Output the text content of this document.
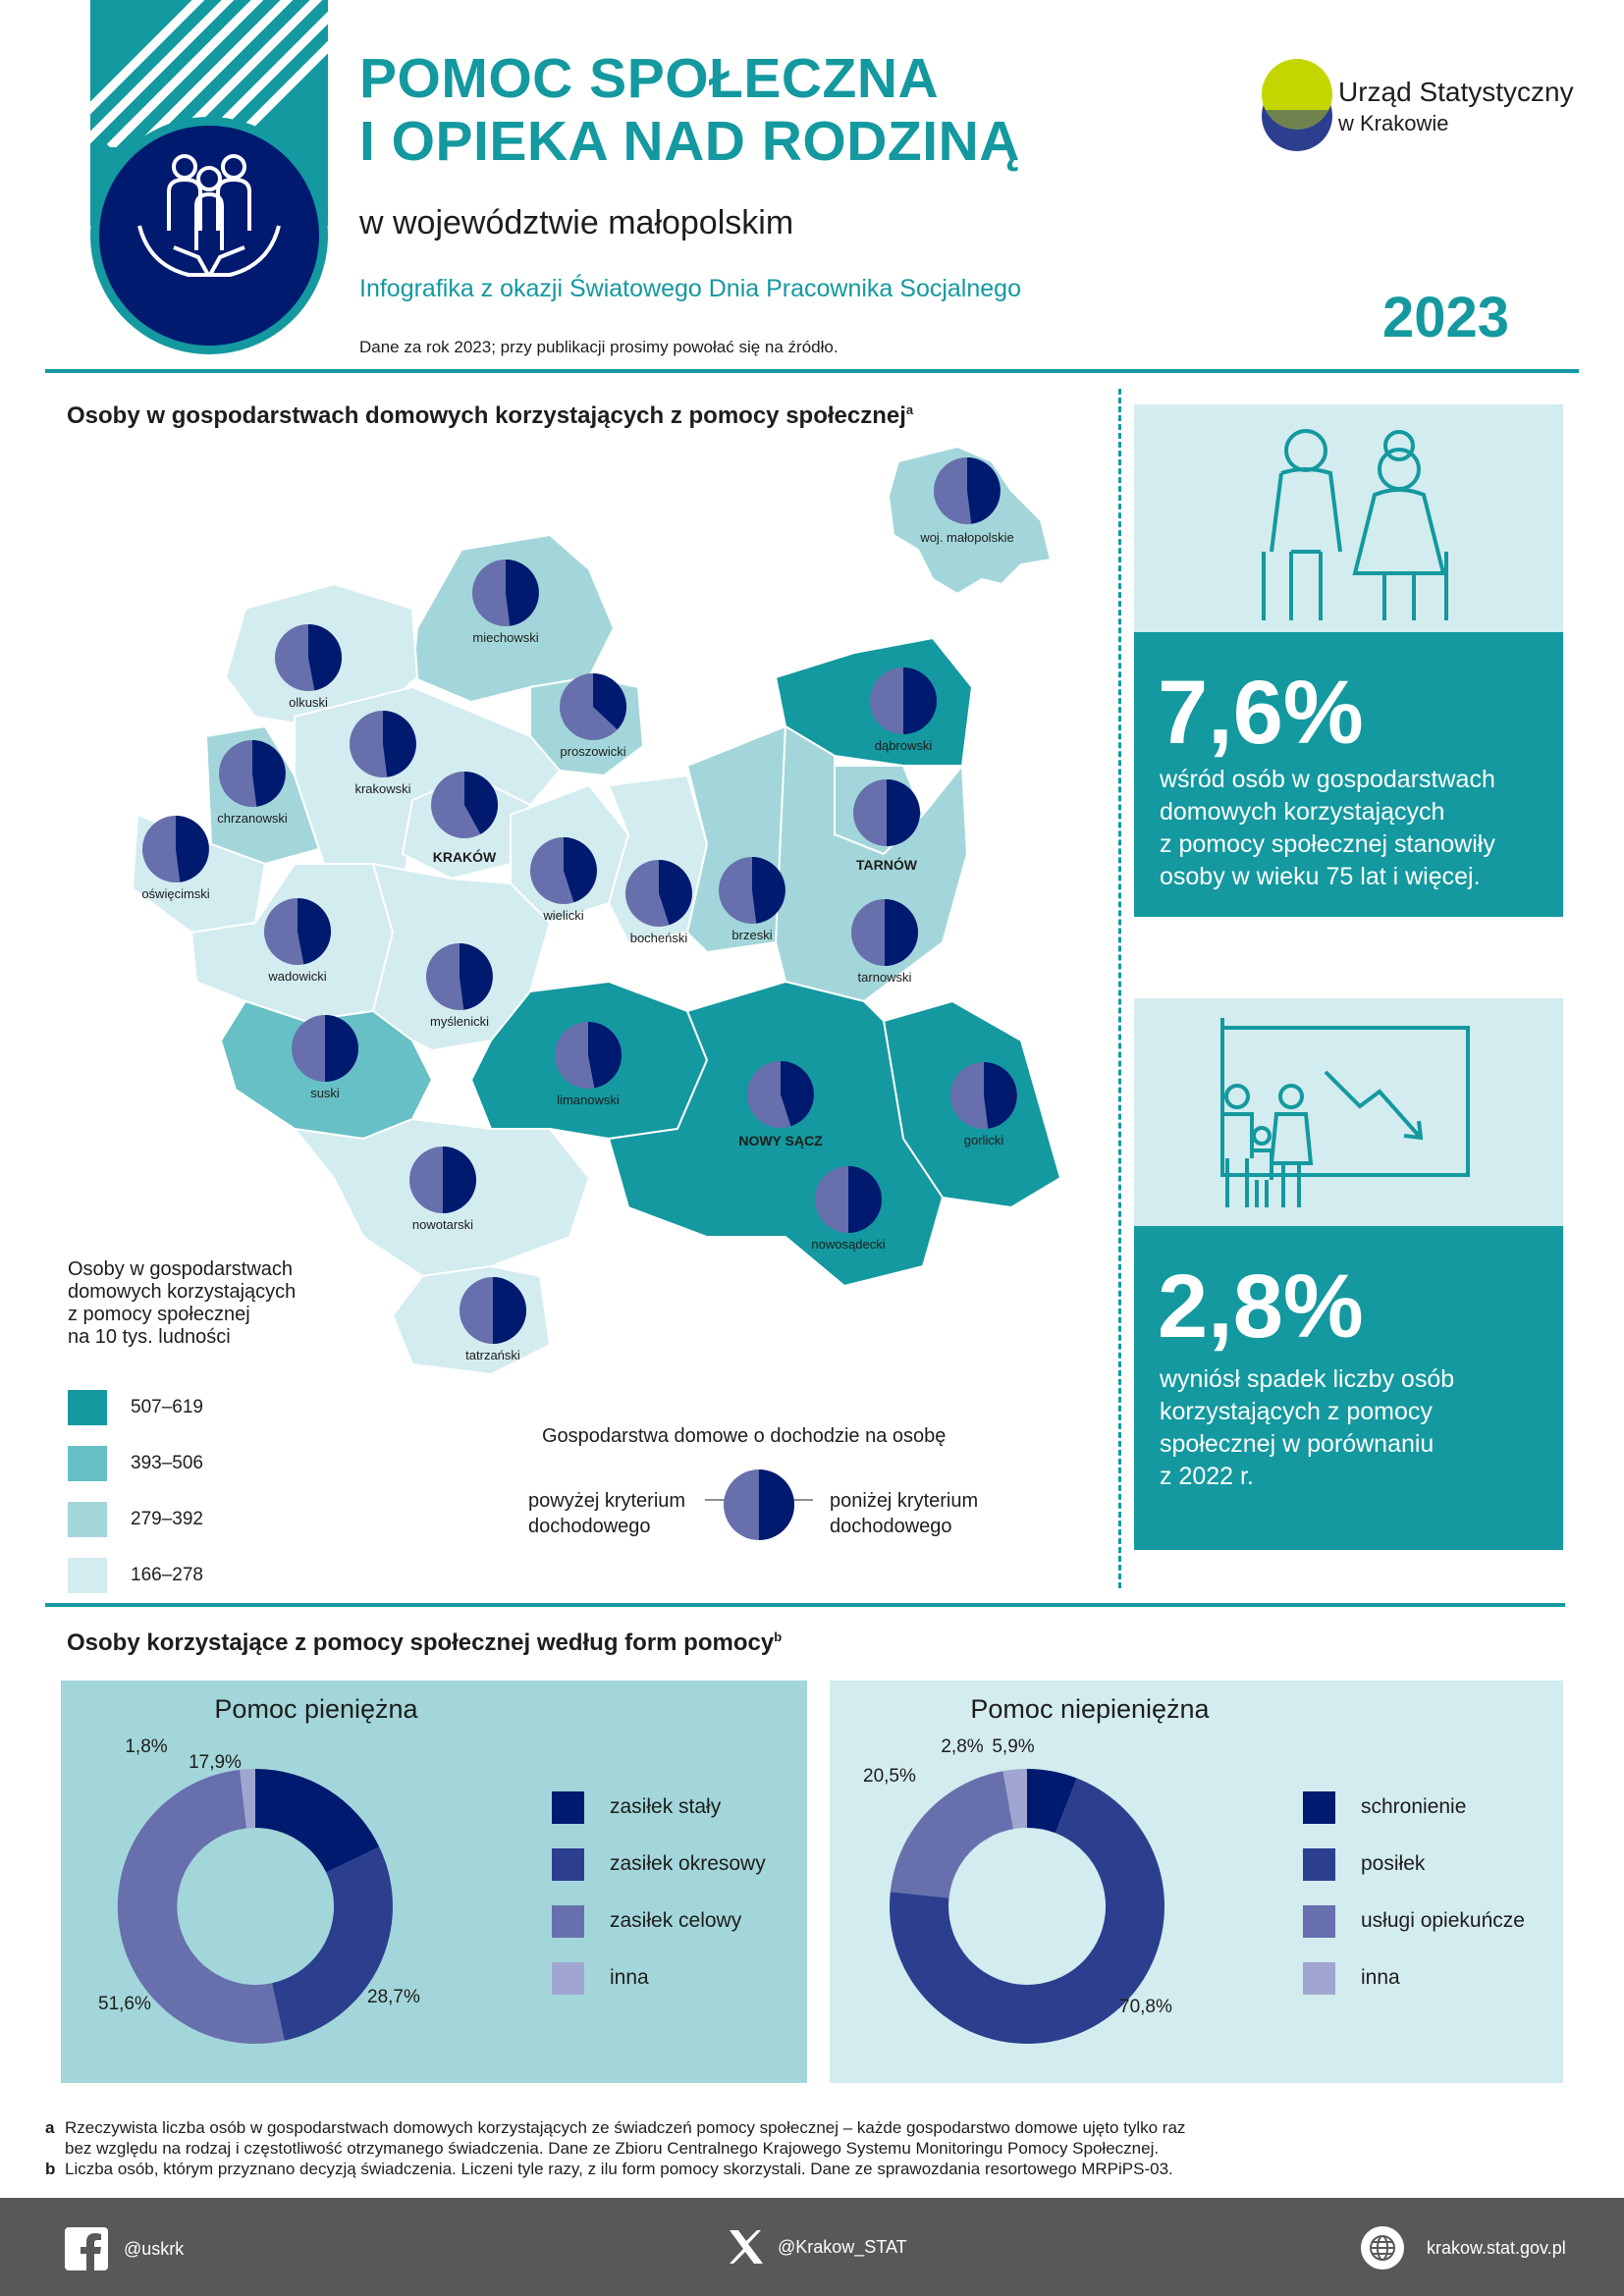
POMOC SPOŁECZNA
I OPIEKA NAD RODZINĄ
w województwie małopolskim
Infografika z okazji Światowego Dnia Pracownika Socjalnego	2023
Dane za rok 2023; przy publikacji prosimy powołać się na źródło.
Urząd Statystyczny
w Krakowie
Osoby w gospodarstwach domowych korzystających z pomocy społecznej$^a$
miechowski
olkuski
proszowicki	dąbrowski
chrzanowski
krakowski
KRAKÓW	TARNÓW
oświęcimski
wielicki
bocheński	brzeski
wadowicki	tarnowski
myślenicki
suski	limanowski
NOWY SĄCZ	gorlicki
nowotarski
nowosądecki
tatrzański
woj. małopolskie
Osoby w gospodarstwach
domowych korzystających
z pomocy społecznej
na 10 tys. ludności
507–619
393–506
279–392
166–278
Gospodarstwa domowe o dochodzie na osobę
powyżej kryterium
dochodowego
poniżej kryterium
dochodowego
7,6%
wśród osób w gospodarstwach
domowych korzystających
z pomocy społecznej stanowiły
osoby w wieku 75 lat i więcej.
2,8%
wyniósł spadek liczby osób
korzystających z pomocy
społecznej w porównaniu
z 2022 r.
Osoby korzystające z pomocy społecznej według form pomocy$^b$
Pomoc pieniężna
17,9%
28,7%
51,6%
1,8%
zasiłek stały
zasiłek okresowy
zasiłek celowy
inna
Pomoc niepieniężna
5,9%
70,8%
20,5%
2,8%
schronienie
posiłek
usługi opiekuńcze
inna
a Rzeczywista liczba osób w gospodarstwach domowych korzystających ze świadczeń pomocy społecznej – każde gospodarstwo domowe ujęto tylko raz
bez względu na rodzaj i częstotliwość otrzymanego świadczenia. Dane ze Zbioru Centralnego Krajowego Systemu Monitoringu Pomocy Społecznej.
b Liczba osób, którym przyznano decyzją świadczenia. Liczeni tyle razy, z ilu form pomocy skorzystali. Dane ze sprawozdania resortowego MRPiPS-03.
@uskrk	@Krakow_STAT	krakow.stat.gov.pl
